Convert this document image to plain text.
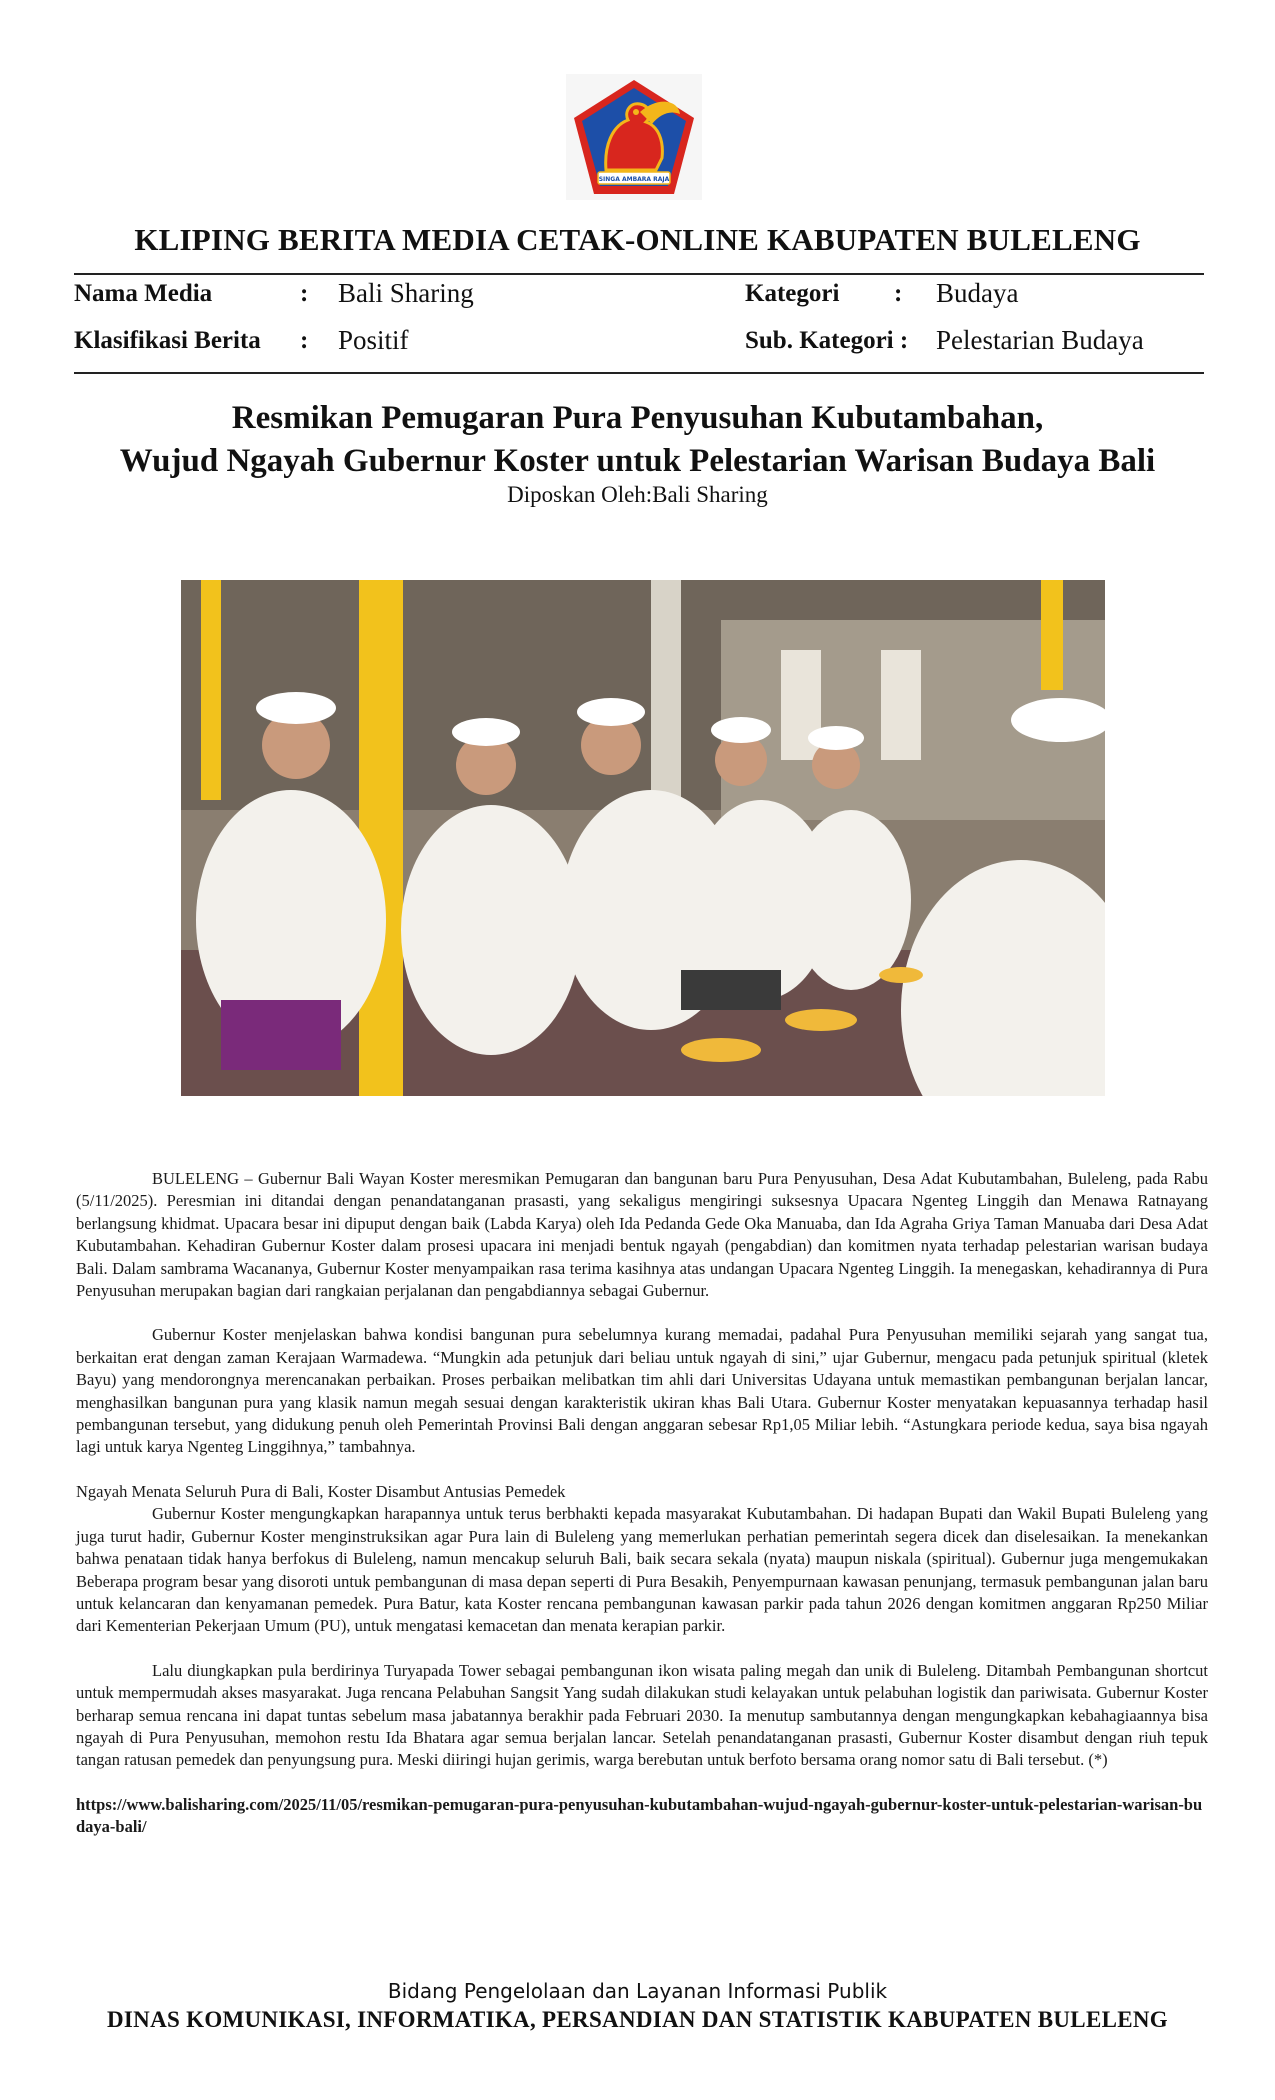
SINGA AMBARA RAJA
KLIPING BERITA MEDIA CETAK-ONLINE KABUPATEN BULELENG
Nama Media	: Bali Sharing	Kategori : Budaya
Klasifikasi Berita : Positif	Sub. Kategori : Pelestarian Budaya
Resmikan Pemugaran Pura Penyusuhan Kubutambahan,
Wujud Ngayah Gubernur Koster untuk Pelestarian Warisan Budaya Bali
Diposkan Oleh:Bali Sharing

BULELENG – Gubernur Bali Wayan Koster meresmikan Pemugaran dan bangunan baru Pura Penyusuhan, Desa Adat Kubutambahan, Buleleng, pada Rabu (5/11/2025). Peresmian ini ditandai dengan penandatanganan prasasti, yang sekaligus mengiringi suksesnya Upacara Ngenteg Linggih dan Menawa Ratnayang berlangsung khidmat. Upacara besar ini dipuput dengan baik (Labda Karya) oleh Ida Pedanda Gede Oka Manuaba, dan Ida Agraha Griya Taman Manuaba dari Desa Adat Kubutambahan. Kehadiran Gubernur Koster dalam prosesi upacara ini menjadi bentuk ngayah (pengabdian) dan komitmen nyata terhadap pelestarian warisan budaya Bali. Dalam sambrama Wacananya, Gubernur Koster menyampaikan rasa terima kasihnya atas undangan Upacara Ngenteg Linggih. Ia menegaskan, kehadirannya di Pura Penyusuhan merupakan bagian dari rangkaian perjalanan dan pengabdiannya sebagai Gubernur.

Gubernur Koster menjelaskan bahwa kondisi bangunan pura sebelumnya kurang memadai, padahal Pura Penyusuhan memiliki sejarah yang sangat tua, berkaitan erat dengan zaman Kerajaan Warmadewa. “Mungkin ada petunjuk dari beliau untuk ngayah di sini,” ujar Gubernur, mengacu pada petunjuk spiritual (kletek Bayu) yang mendorongnya merencanakan perbaikan. Proses perbaikan melibatkan tim ahli dari Universitas Udayana untuk memastikan pembangunan berjalan lancar, menghasilkan bangunan pura yang klasik namun megah sesuai dengan karakteristik ukiran khas Bali Utara. Gubernur Koster menyatakan kepuasannya terhadap hasil pembangunan tersebut, yang didukung penuh oleh Pemerintah Provinsi Bali dengan anggaran sebesar Rp1,05 Miliar lebih. “Astungkara periode kedua, saya bisa ngayah lagi untuk karya Ngenteg Linggihnya,” tambahnya.

Ngayah Menata Seluruh Pura di Bali, Koster Disambut Antusias Pemedek

Gubernur Koster mengungkapkan harapannya untuk terus berbhakti kepada masyarakat Kubutambahan. Di hadapan Bupati dan Wakil Bupati Buleleng yang juga turut hadir, Gubernur Koster menginstruksikan agar Pura lain di Buleleng yang memerlukan perhatian pemerintah segera dicek dan diselesaikan. Ia menekankan bahwa penataan tidak hanya berfokus di Buleleng, namun mencakup seluruh Bali, baik secara sekala (nyata) maupun niskala (spiritual). Gubernur juga mengemukakan Beberapa program besar yang disoroti untuk pembangunan di masa depan seperti di Pura Besakih, Penyempurnaan kawasan penunjang, termasuk pembangunan jalan baru untuk kelancaran dan kenyamanan pemedek. Pura Batur, kata Koster rencana pembangunan kawasan parkir pada tahun 2026 dengan komitmen anggaran Rp250 Miliar dari Kementerian Pekerjaan Umum (PU), untuk mengatasi kemacetan dan menata kerapian parkir.

Lalu diungkapkan pula berdirinya Turyapada Tower sebagai pembangunan ikon wisata paling megah dan unik di Buleleng. Ditambah Pembangunan shortcut untuk mempermudah akses masyarakat. Juga rencana Pelabuhan Sangsit Yang sudah dilakukan studi kelayakan untuk pelabuhan logistik dan pariwisata. Gubernur Koster berharap semua rencana ini dapat tuntas sebelum masa jabatannya berakhir pada Februari 2030. Ia menutup sambutannya dengan mengungkapkan kebahagiaannya bisa ngayah di Pura Penyusuhan, memohon restu Ida Bhatara agar semua berjalan lancar. Setelah penandatanganan prasasti, Gubernur Koster disambut dengan riuh tepuk tangan ratusan pemedek dan penyungsung pura. Meski diiringi hujan gerimis, warga berebutan untuk berfoto bersama orang nomor satu di Bali tersebut. (*)

https://www.balisharing.com/2025/11/05/resmikan-pemugaran-pura-penyusuhan-kubutambahan-wujud-ngayah-gubernur-koster-untuk-pelestarian-warisan-budaya-bali/

Bidang Pengelolaan dan Layanan Informasi Publik
DINAS KOMUNIKASI, INFORMATIKA, PERSANDIAN DAN STATISTIK KABUPATEN BULELENG
